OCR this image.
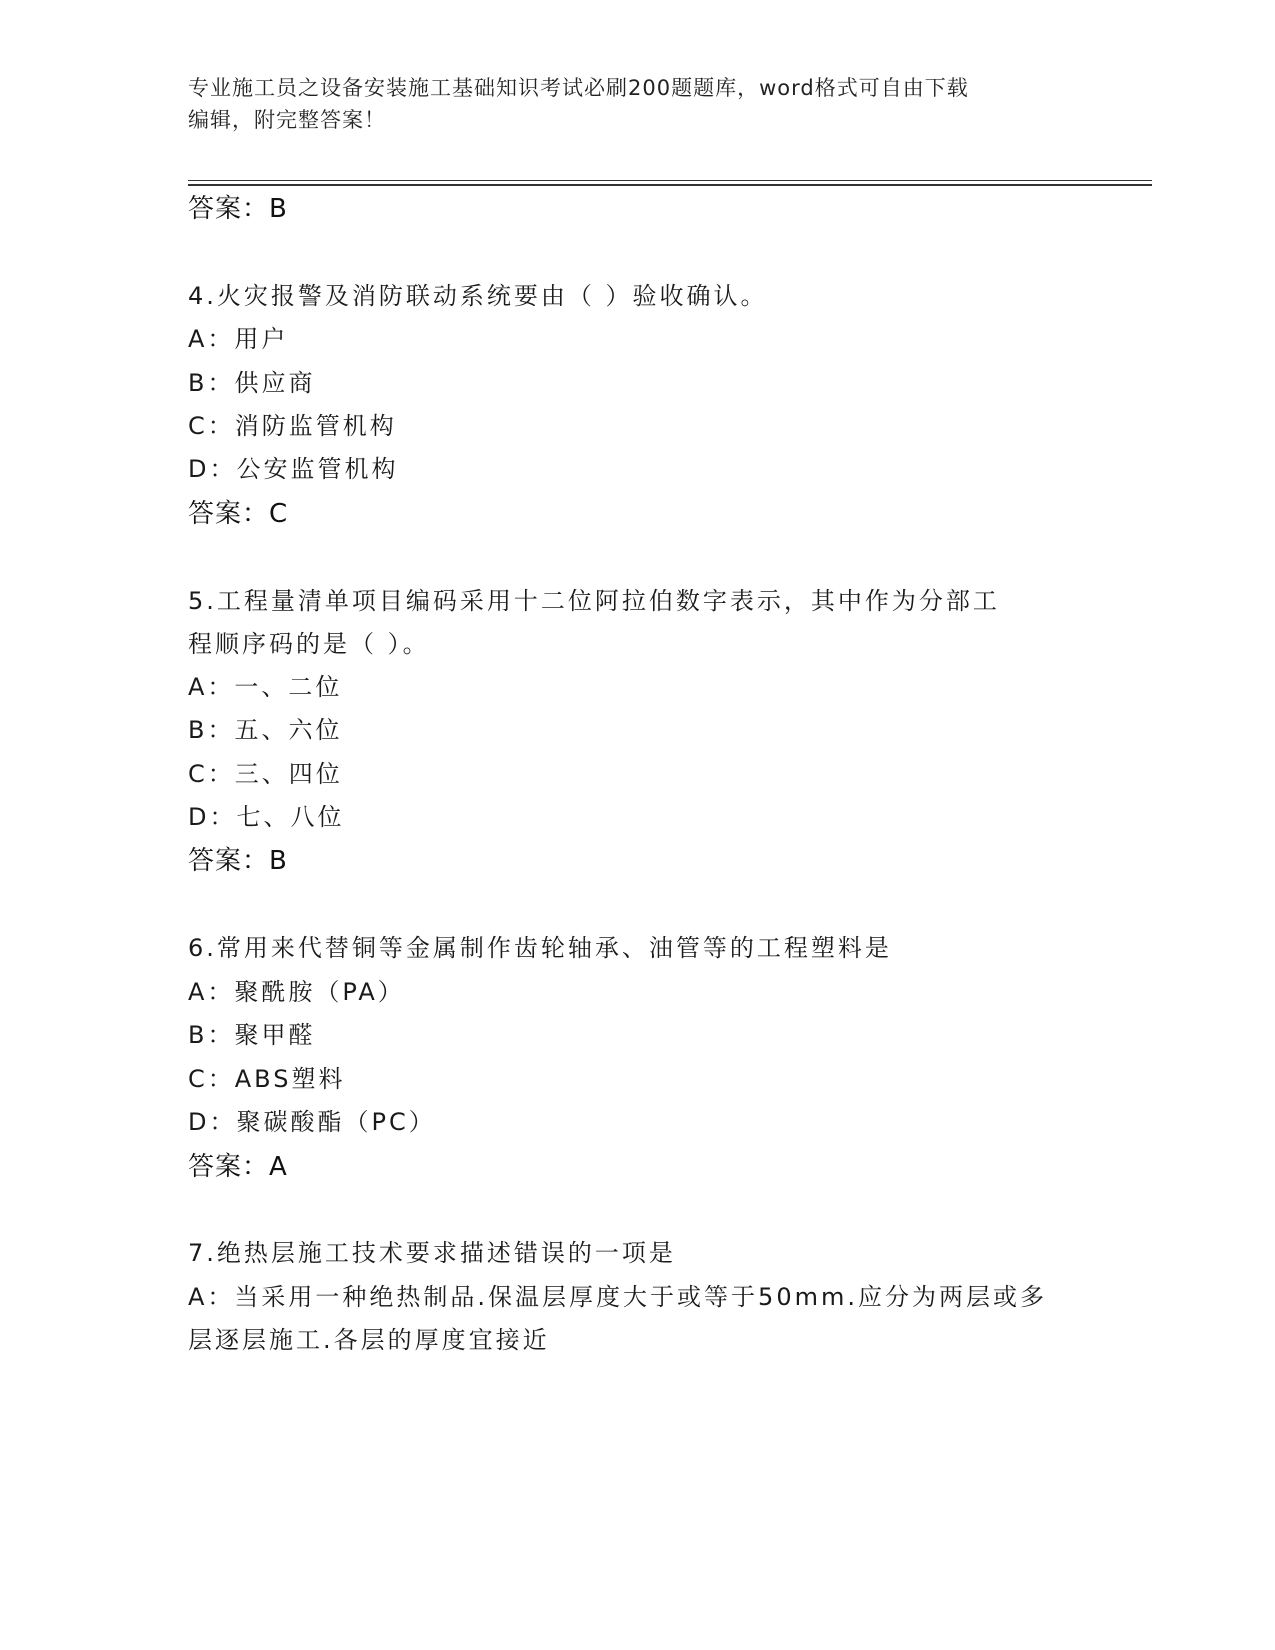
专业施工员之设备安装施工基础知识考试必刷200题题库，word格式可自由下载
编辑，附完整答案！
答案：B
4.火灾报警及消防联动系统要由（ ）验收确认。
A：用户
B：供应商
C：消防监管机构
D：公安监管机构
答案：C
5.工程量清单项目编码采用十二位阿拉伯数字表示，其中作为分部工
程顺序码的是（ ）。
A：一、二位
B：五、六位
C：三、四位
D：七、八位
答案：B
6.常用来代替铜等金属制作齿轮轴承、油管等的工程塑料是
A：聚酰胺（PA）
B：聚甲醛
C：ABS塑料
D：聚碳酸酯（PC）
答案：A
7.绝热层施工技术要求描述错误的一项是
A：当采用一种绝热制品.保温层厚度大于或等于50mm.应分为两层或多
层逐层施工.各层的厚度宜接近
